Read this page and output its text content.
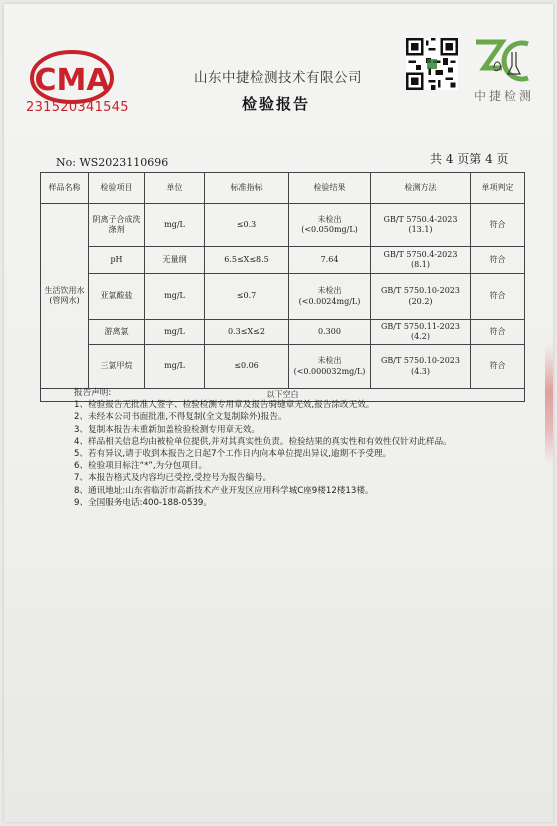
CMA
231520341545
山东中捷检测技术有限公司
检验报告	中捷检测
No: WS2023110696	共 4 页第 4 页
样品名称	检验项目	单位	标准指标	检验结果	检测方法	单项判定
生活饮用水(管网水)	阴离子合成洗涤剂	mg/L	≤0.3	未检出(<0.050mg/L)	GB/T 5750.4-2023 (13.1)	符合
	pH	无量纲	6.5≤X≤8.5	7.64	GB/T 5750.4-2023 (8.1)	符合
	亚氯酸盐	mg/L	≤0.7	未检出(<0.0024mg/L)	GB/T 5750.10-2023 (20.2)	符合
	游离氯	mg/L	0.3≤X≤2	0.300	GB/T 5750.11-2023 (4.2)	符合
	三氯甲烷	mg/L	≤0.06	未检出(<0.000032mg/L)	GB/T 5750.10-2023 (4.3)	符合
以下空白						
报告声明:
1、检验报告无批准人签字、检验检测专用章及报告骑缝章无效,报告涂改无效。
2、未经本公司书面批准,不得复制(全文复制除外)报告。
3、复制本报告未重新加盖检验检测专用章无效。
4、样品相关信息均由被检单位提供,并对其真实性负责。检验结果的真实性和有效性仅针对此样品。
5、若有异议,请于收到本报告之日起7个工作日内向本单位提出异议,逾期不予受理。
6、检验项目标注“*”,为分包项目。
7、本报告格式及内容均已受控,受控号为报告编号。
8、通讯地址:山东省临沂市高新技术产业开发区应用科学城C座9楼12楼13楼。
9、全国服务电话:400-188-0539。
